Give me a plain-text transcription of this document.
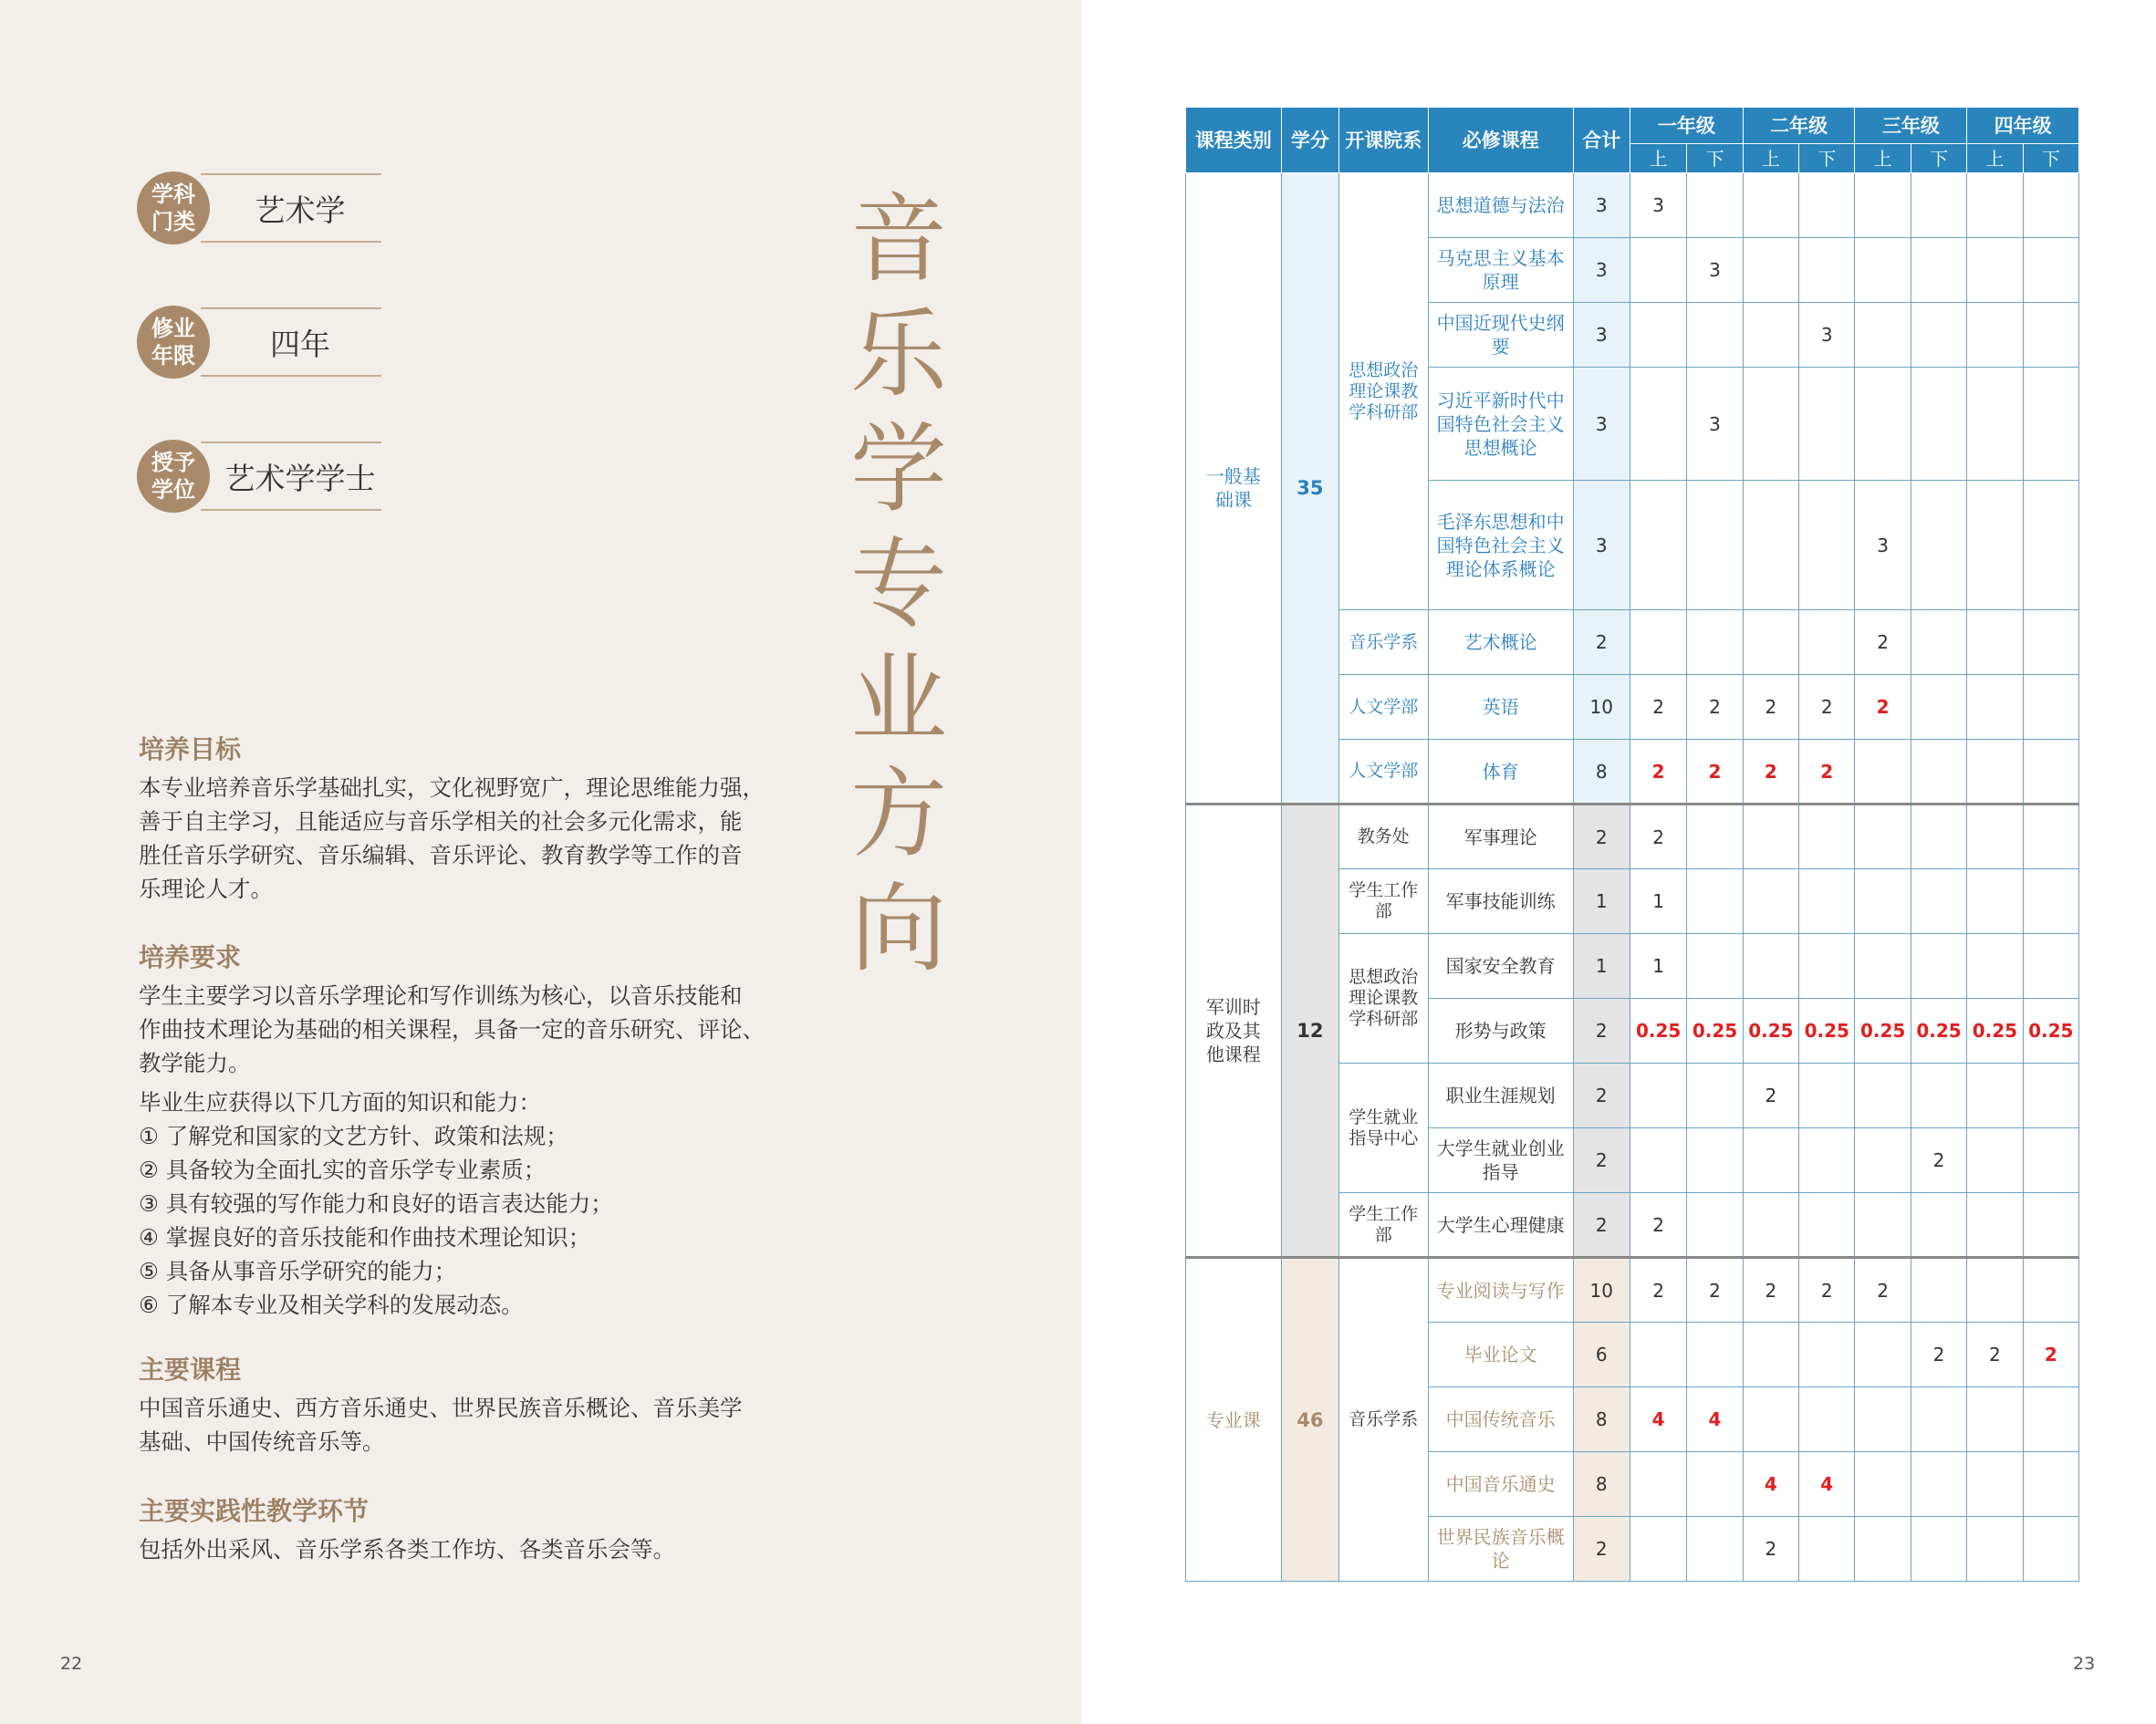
学科门类	艺术学
修业年限	四年
授予学位 艺术学学士
音乐学专业方向
培养目标
本专业培养音乐学基础扎实，文化视野宽广，理论思维能力强，
善于自主学习，且能适应与音乐学相关的社会多元化需求，能
胜任音乐学研究、音乐编辑、音乐评论、教育教学等工作的音
乐理论人才。
培养要求
学生主要学习以音乐学理论和写作训练为核心，以音乐技能和
作曲技术理论为基础的相关课程，具备一定的音乐研究、评论、
教学能力。
毕业生应获得以下几方面的知识和能力：
① 了解党和国家的文艺方针、政策和法规；
② 具备较为全面扎实的音乐学专业素质；
③ 具有较强的写作能力和良好的语言表达能力；
④ 掌握良好的音乐技能和作曲技术理论知识；
⑤ 具备从事音乐学研究的能力；
⑥ 了解本专业及相关学科的发展动态。
主要课程
中国音乐通史、西方音乐通史、世界民族音乐概论、音乐美学
基础、中国传统音乐等。
主要实践性教学环节
包括外出采风、音乐学系各类工作坊、各类音乐会等。
22	23
课程类别	学分	开课院系	必修课程	合计	一年级		二年级		三年级		四年级	
					上	下	上	下	上	下	上	下
一般基础课	35	思想政治理论课教学科研部	思想道德与法治	3	3							
			马克思主义基本原理	3		3						
			中国近现代史纲要	3				3				
			习近平新时代中国特色社会主义思想概论	3		3						
			毛泽东思想和中国特色社会主义理论体系概论	3					3			
		音乐学系	艺术概论	2					2			
		人文学部	英语	10	2	2	2	2	2			
		人文学部	体育	8	2	2	2	2				
军训时政及其他课程	12	教务处	军事理论	2	2							
		学生工作部	军事技能训练	1	1							
		思想政治理论课教学科研部	国家安全教育	1	1							
			形势与政策	2	0.25	0.25	0.25	0.25	0.25	0.25	0.25	0.25
		学生就业指导中心	职业生涯规划	2			2					
			大学生就业创业指导	2						2		
		学生工作部	大学生心理健康	2	2							
专业课	46	音乐学系	专业阅读与写作	10	2	2	2	2	2			
			毕业论文	6						2	2	2
			中国传统音乐	8	4	4						
			中国音乐通史	8			4	4				
			世界民族音乐概论	2			2					
